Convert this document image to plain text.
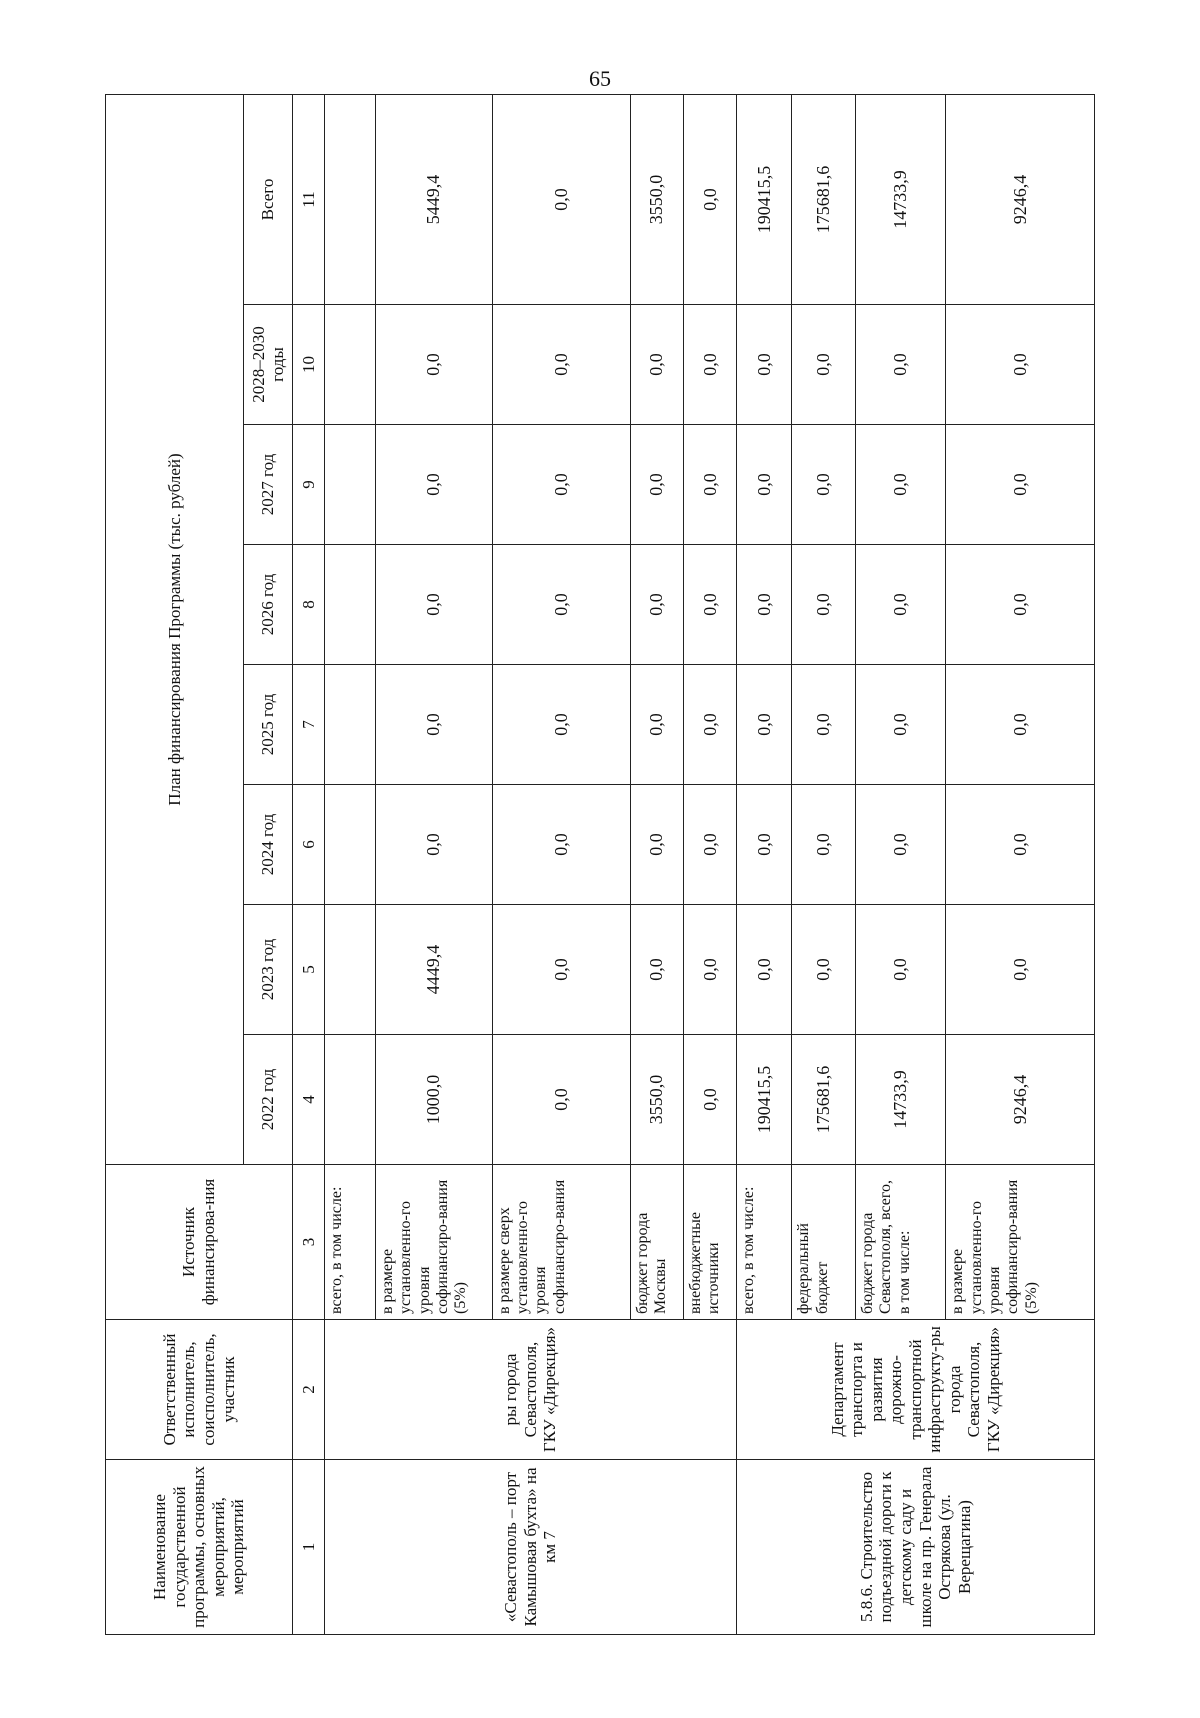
65
Наименование государственной программы, основных мероприятий, мероприятий	Ответственный исполнитель, соисполнитель, участник	Источник финансирова-ния	План финансирования Программы (тыс. рублей)							
			2022 год	2023 год	2024 год	2025 год	2026 год	2027 год	2028–2030 годы	Всего
1	2	3	4	5	6	7	8	9	10	11
«Севастополь – порт Камышовая бухта» на км 7	ры города Севастополя, ГКУ «Дирекция»	всего, в том числе:								
		в размере установленно-го уровня софинансиро-вания (5%)	1000,0	4449,4	0,0	0,0	0,0	0,0	0,0	5449,4
		в размере сверх установленно-го уровня софинансиро-вания	0,0	0,0	0,0	0,0	0,0	0,0	0,0	0,0
		бюджет города Москвы	3550,0	0,0	0,0	0,0	0,0	0,0	0,0	3550,0
		внебюджетные источники	0,0	0,0	0,0	0,0	0,0	0,0	0,0	0,0
5.8.6. Строительство подъездной дороги к детскому саду и школе на пр. Генерала Острякова (ул. Верещагина)	Департамент транспорта и развития дорожно-транспортной инфраструкту-ры города Севастополя, ГКУ «Дирекция»	всего, в том числе:	190415,5	0,0	0,0	0,0	0,0	0,0	0,0	190415,5
		федеральный бюджет	175681,6	0,0	0,0	0,0	0,0	0,0	0,0	175681,6
		бюджет города Севастополя, всего, в том числе:	14733,9	0,0	0,0	0,0	0,0	0,0	0,0	14733,9
		в размере установленно-го уровня софинансиро-вания (5%)	9246,4	0,0	0,0	0,0	0,0	0,0	0,0	9246,4
